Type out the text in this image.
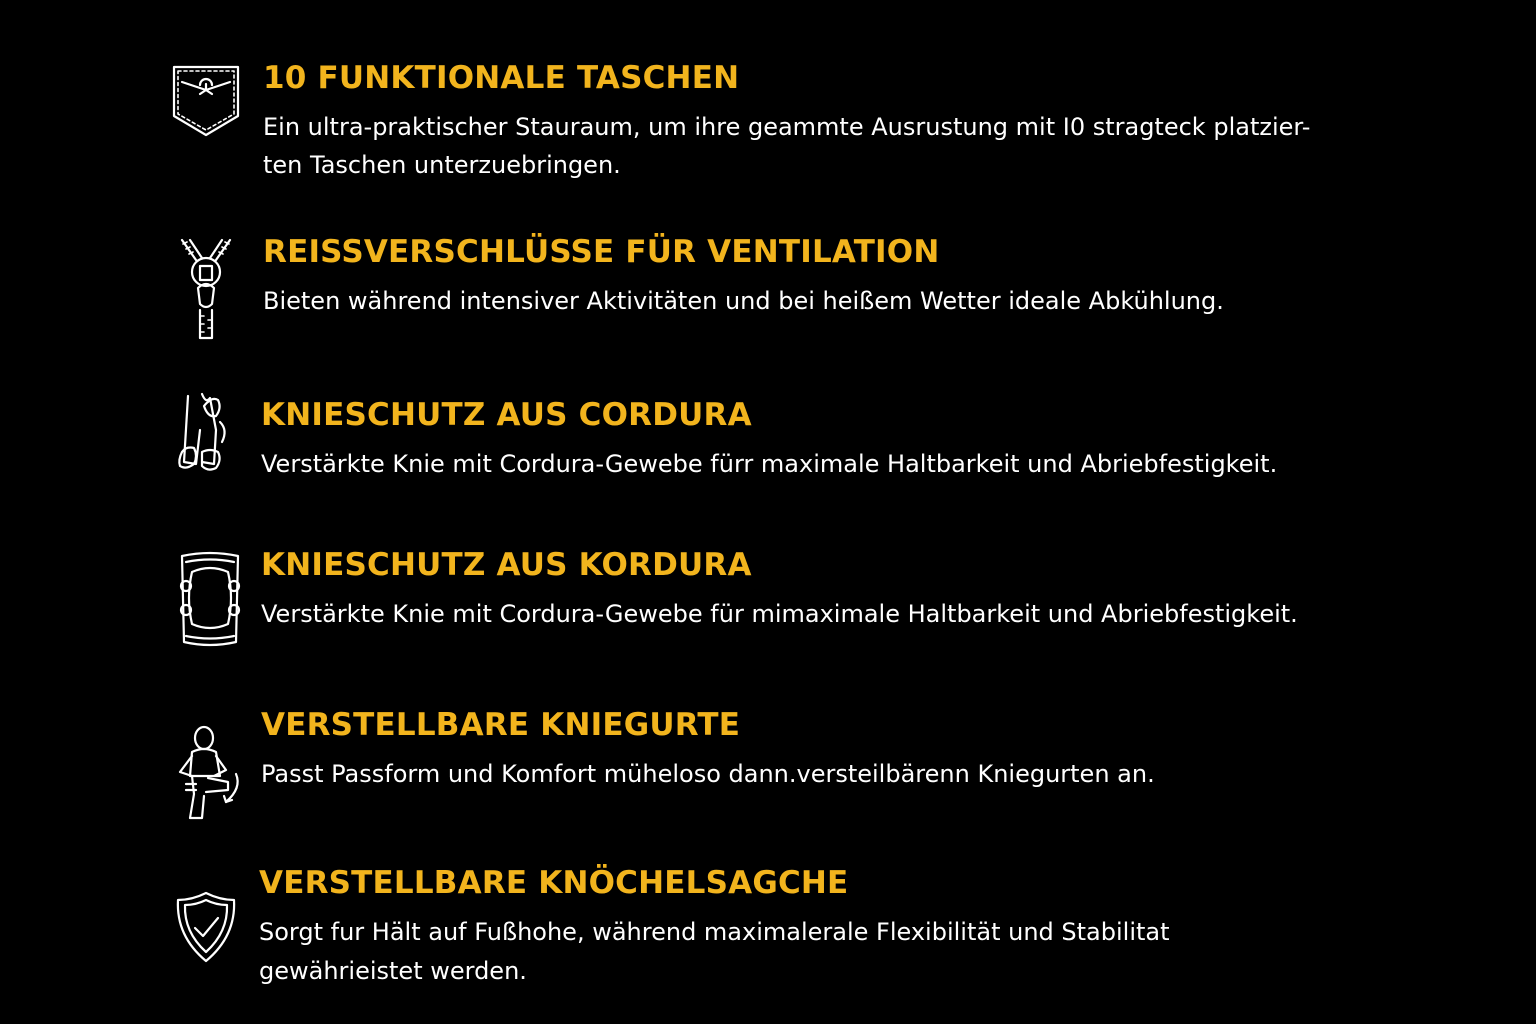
10 FUNKTIONALE TASCHEN
Ein ultra-praktischer Stauraum, um ihre geammte Ausrustung mit I0 stragteck platzier-
ten Taschen unterzuebringen.
REISSVERSCHLÜSSE FÜR VENTILATION
Bieten während intensiver Aktivitäten und bei heißem Wetter ideale Abkühlung.
KNIESCHUTZ AUS CORDURA
Verstärkte Knie mit Cordura-Gewebe fürr maximale Haltbarkeit und Abriebfestigkeit.
KNIESCHUTZ AUS KORDURA
Verstärkte Knie mit Cordura-Gewebe für mimaximale Haltbarkeit und Abriebfestigkeit.
VERSTELLBARE KNIEGURTE
Passt Passform und Komfort müheloso dann.versteilbärenn Kniegurten an.
VERSTELLBARE KNÖCHELSAGCHE
Sorgt fur Hält auf Fußhohe, während maximalerale Flexibilität und Stabilitat
gewährieistet werden.
